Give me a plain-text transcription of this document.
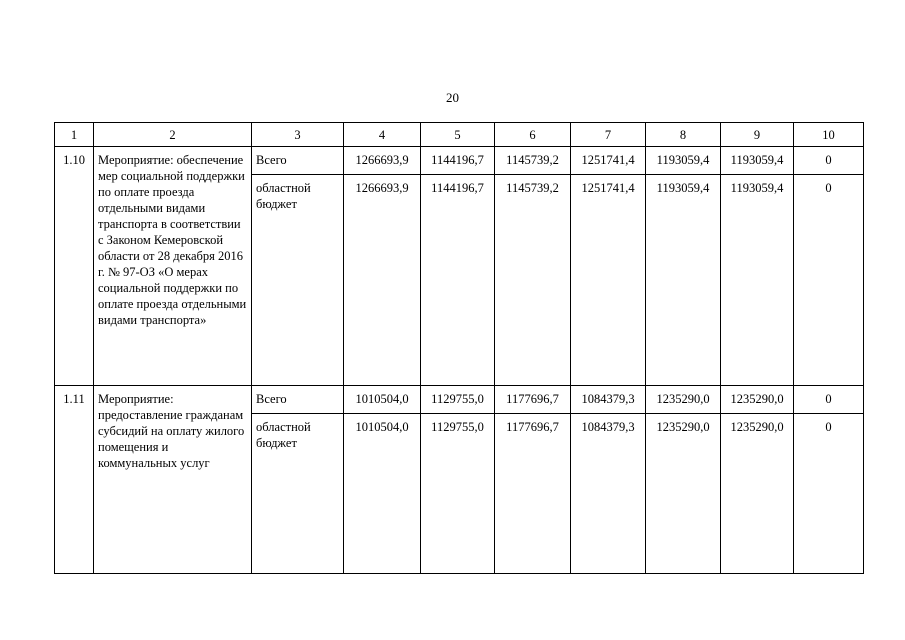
20
1	2	3	4	5	6	7	8	9	10
1.10	Мероприятие: обеспечение мер социальной поддержки по оплате проезда отдельными видами транспорта в соответствии с Законом Кемеровской области от 28 декабря 2016 г. № 97-ОЗ «О мерах социальной поддержки по оплате проезда отдельными видами транспорта»	Всего	1266693,9	1144196,7	1145739,2	1251741,4	1193059,4	1193059,4	0
		областной бюджет	1266693,9	1144196,7	1145739,2	1251741,4	1193059,4	1193059,4	0
1.11	Мероприятие: предоставление гражданам субсидий на оплату жилого помещения и коммунальных услуг	Всего	1010504,0	1129755,0	1177696,7	1084379,3	1235290,0	1235290,0	0
		областной бюджет	1010504,0	1129755,0	1177696,7	1084379,3	1235290,0	1235290,0	0
